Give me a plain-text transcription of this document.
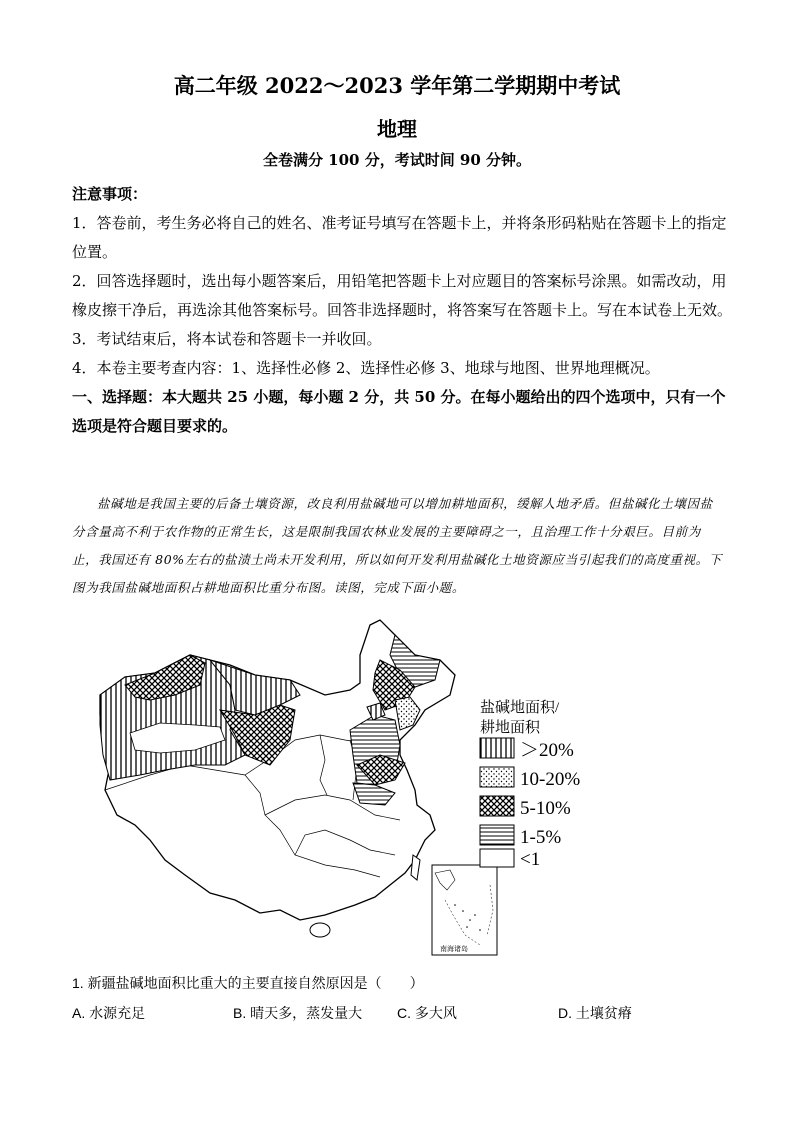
高二年级 2022～2023 学年第二学期期中考试
地理
全卷满分 100 分，考试时间 90 分钟。

注意事项：

1．答卷前，考生务必将自己的姓名、准考证号填写在答题卡上，并将条形码粘贴在答题卡上的指定位置。

2．回答选择题时，选出每小题答案后，用铅笔把答题卡上对应题目的答案标号涂黑。如需改动，用橡皮擦干净后，再选涂其他答案标号。回答非选择题时，将答案写在答题卡上。写在本试卷上无效。

3．考试结束后，将本试卷和答题卡一并收回。

4．本卷主要考查内容：1、选择性必修 2、选择性必修 3、地球与地图、世界地理概况。

一、选择题：本大题共 25 小题，每小题 2 分，共 50 分。在每小题给出的四个选项中，只有一个选项是符合题目要求的。

盐碱地是我国主要的后备土壤资源，改良利用盐碱地可以增加耕地面积，缓解人地矛盾。但盐碱化土壤因盐分含量高不利于农作物的正常生长，这是限制我国农林业发展的主要障碍之一，且治理工作十分艰巨。目前为止，我国还有 80%左右的盐渍土尚未开发利用，所以如何开发利用盐碱化土地资源应当引起我们的高度重视。下图为我国盐碱地面积占耕地面积比重分布图。读图，完成下面小题。

南海诸岛
盐碱地面积/
耕地面积
＞20%
10-20%
5-10%
1-5%
<1
1. 新疆盐碱地面积比重大的主要直接自然原因是（　　）
A. 水源充足	B. 晴天多，蒸发量大 C. 多大风	D. 土壤贫瘠
